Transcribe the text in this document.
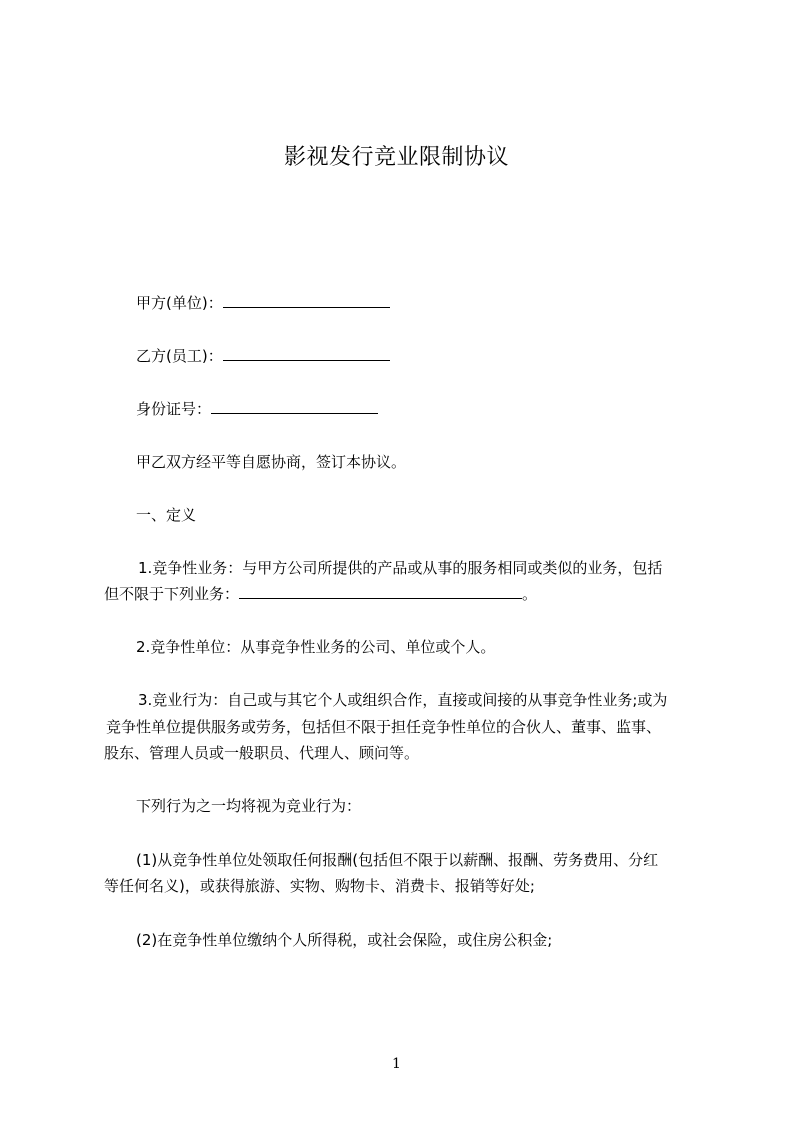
影视发行竞业限制协议
甲方(单位)：
乙方(员工)：
身份证号：
甲乙双方经平等自愿协商，签订本协议。
一、定义
1.竞争性业务：与甲方公司所提供的产品或从事的服务相同或类似的业务，包括
但不限于下列业务：	。
2.竞争性单位：从事竞争性业务的公司、单位或个人。
3.竞业行为：自己或与其它个人或组织合作，直接或间接的从事竞争性业务;或为
竞争性单位提供服务或劳务，包括但不限于担任竞争性单位的合伙人、董事、监事、
股东、管理人员或一般职员、代理人、顾问等。
下列行为之一均将视为竞业行为：
(1)从竞争性单位处领取任何报酬(包括但不限于以薪酬、报酬、劳务费用、分红
等任何名义)，或获得旅游、实物、购物卡、消费卡、报销等好处;
(2)在竞争性单位缴纳个人所得税，或社会保险，或住房公积金;
1
